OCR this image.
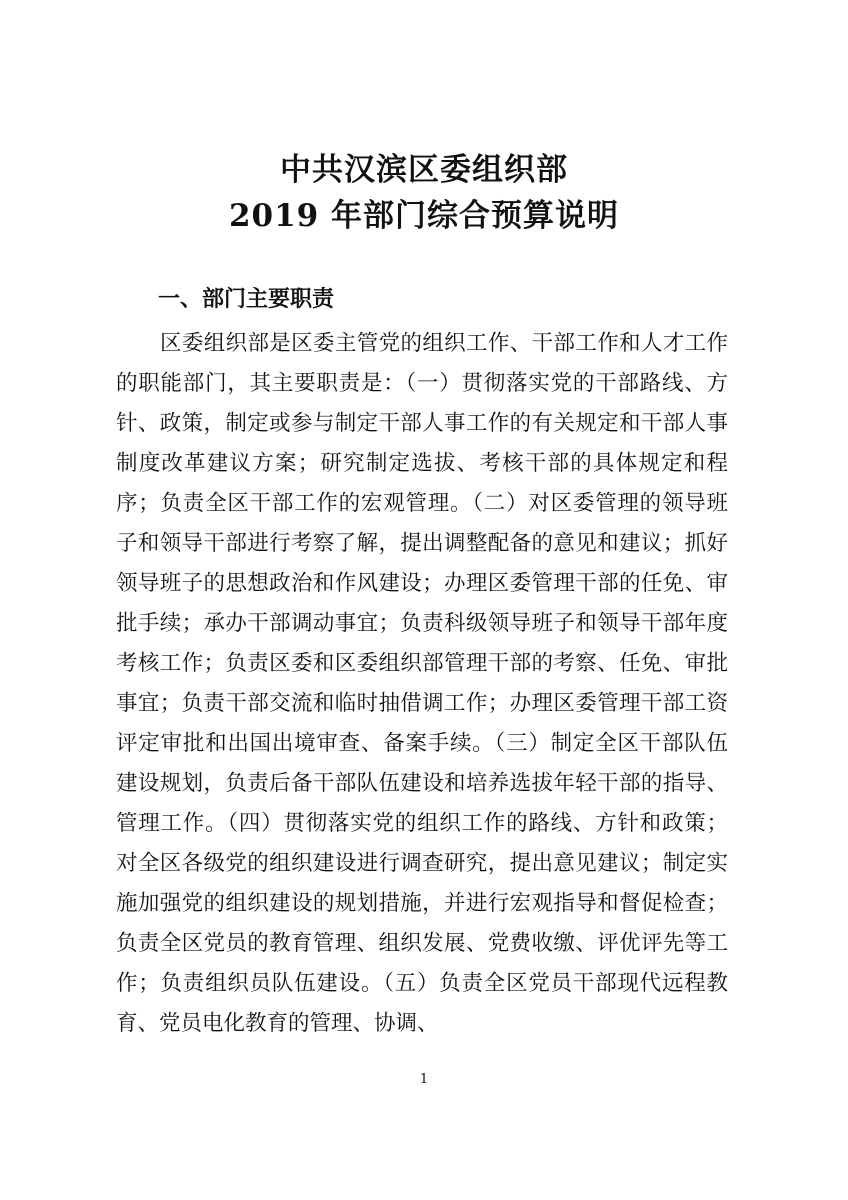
中共汉滨区委组织部
2019 年部门综合预算说明
一、部门主要职责

区委组织部是区委主管党的组织工作、干部工作和人才工作的职能部门，其主要职责是：（一）贯彻落实党的干部路线、方针、政策，制定或参与制定干部人事工作的有关规定和干部人事制度改革建议方案；研究制定选拔、考核干部的具体规定和程序；负责全区干部工作的宏观管理。（二）对区委管理的领导班子和领导干部进行考察了解，提出调整配备的意见和建议；抓好领导班子的思想政治和作风建设；办理区委管理干部的任免、审批手续；承办干部调动事宜；负责科级领导班子和领导干部年度考核工作；负责区委和区委组织部管理干部的考察、任免、审批事宜；负责干部交流和临时抽借调工作；办理区委管理干部工资评定审批和出国出境审查、备案手续。（三）制定全区干部队伍建设规划，负责后备干部队伍建设和培养选拔年轻干部的指导、管理工作。（四）贯彻落实党的组织工作的路线、方针和政策；对全区各级党的组织建设进行调查研究，提出意见建议；制定实施加强党的组织建设的规划措施，并进行宏观指导和督促检查；负责全区党员的教育管理、组织发展、党费收缴、评优评先等工作；负责组织员队伍建设。（五）负责全区党员干部现代远程教育、党员电化教育的管理、协调、

1
